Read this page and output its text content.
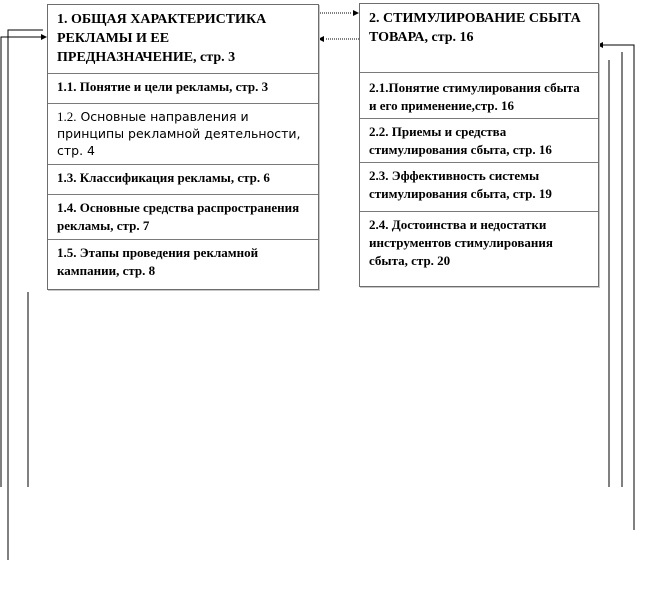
1. ОБЩАЯ ХАРАКТЕРИСТИКА РЕКЛАМЫ И ЕЕ ПРЕДНАЗНАЧЕНИЕ, стр. 3
1.1. Понятие и цели рекламы, стр. 3
1.2. Основные направления и принципы рекламной деятельности, стр. 4
1.3. Классификация рекламы, стр. 6
1.4. Основные средства распространения рекламы, стр. 7
1.5. Этапы проведения рекламной кампании, стр. 8
2. СТИМУЛИРОВАНИЕ СБЫТА ТОВАРА, стр. 16
2.1.Понятие стимулирования сбыта и его применение,стр. 16
2.2. Приемы и средства стимулирования сбыта, стр. 16
2.3. Эффективность системы стимулирования сбыта, стр. 19
2.4. Достоинства и недостатки инструментов стимулирования сбыта, стр. 20
